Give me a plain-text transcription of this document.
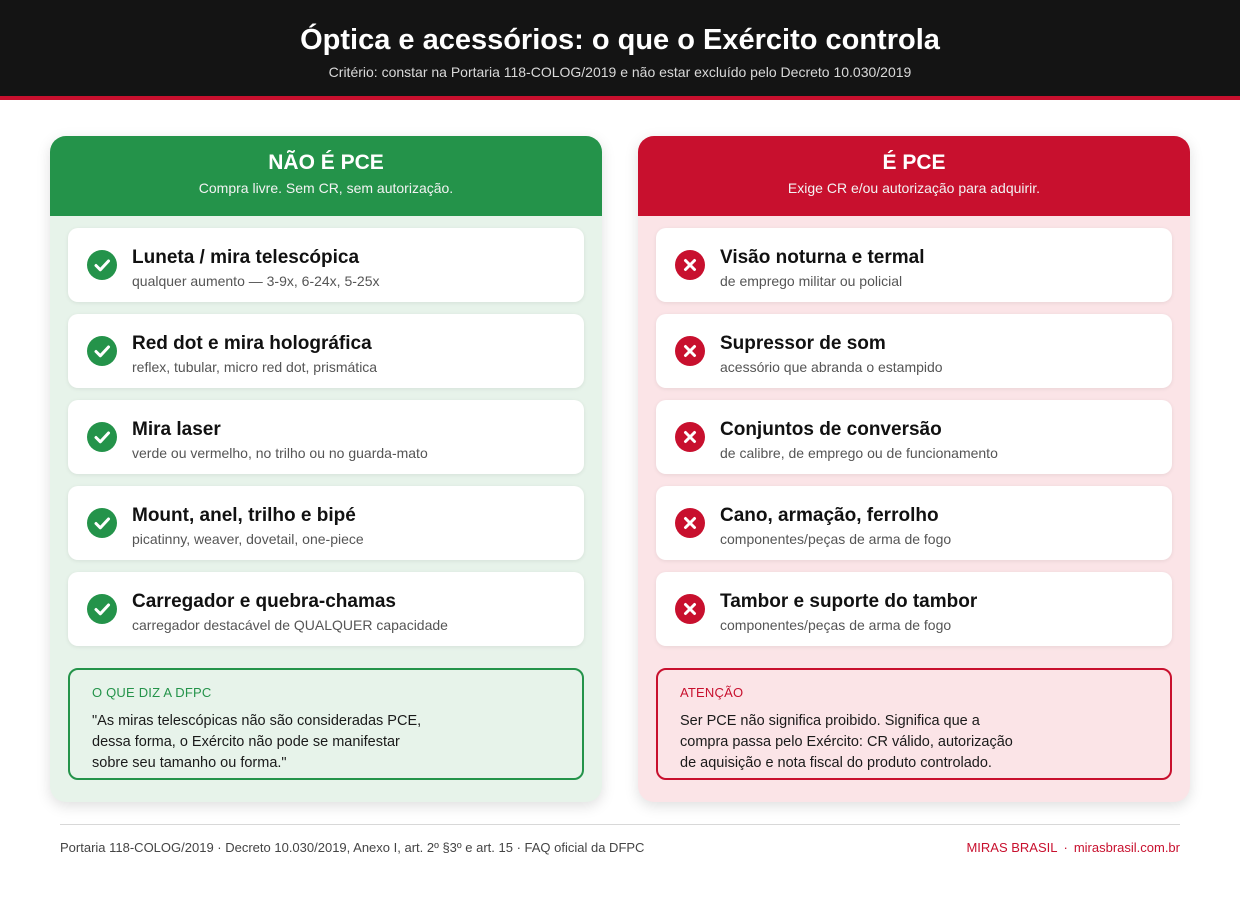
Óptica e acessórios: o que o Exército controla
Critério: constar na Portaria 118-COLOG/2019 e não estar excluído pelo Decreto 10.030/2019
NÃO É PCE
Compra livre. Sem CR, sem autorização.
Luneta / mira telescópica
qualquer aumento — 3-9x, 6-24x, 5-25x
Red dot e mira holográfica
reflex, tubular, micro red dot, prismática
Mira laser
verde ou vermelho, no trilho ou no guarda-mato
Mount, anel, trilho e bipé
picatinny, weaver, dovetail, one-piece
Carregador e quebra-chamas
carregador destacável de QUALQUER capacidade
O QUE DIZ A DFPC
"As miras telescópicas não são consideradas PCE, dessa forma, o Exército não pode se manifestar sobre seu tamanho ou forma."
É PCE
Exige CR e/ou autorização para adquirir.
Visão noturna e termal
de emprego militar ou policial
Supressor de som
acessório que abranda o estampido
Conjuntos de conversão
de calibre, de emprego ou de funcionamento
Cano, armação, ferrolho
componentes/peças de arma de fogo
Tambor e suporte do tambor
componentes/peças de arma de fogo
ATENÇÃO
Ser PCE não significa proibido. Significa que a compra passa pelo Exército: CR válido, autorização de aquisição e nota fiscal do produto controlado.
Portaria 118-COLOG/2019 · Decreto 10.030/2019, Anexo I, art. 2º §3º e art. 15 · FAQ oficial da DFPC	MIRAS BRASIL · mirasbrasil.com.br
